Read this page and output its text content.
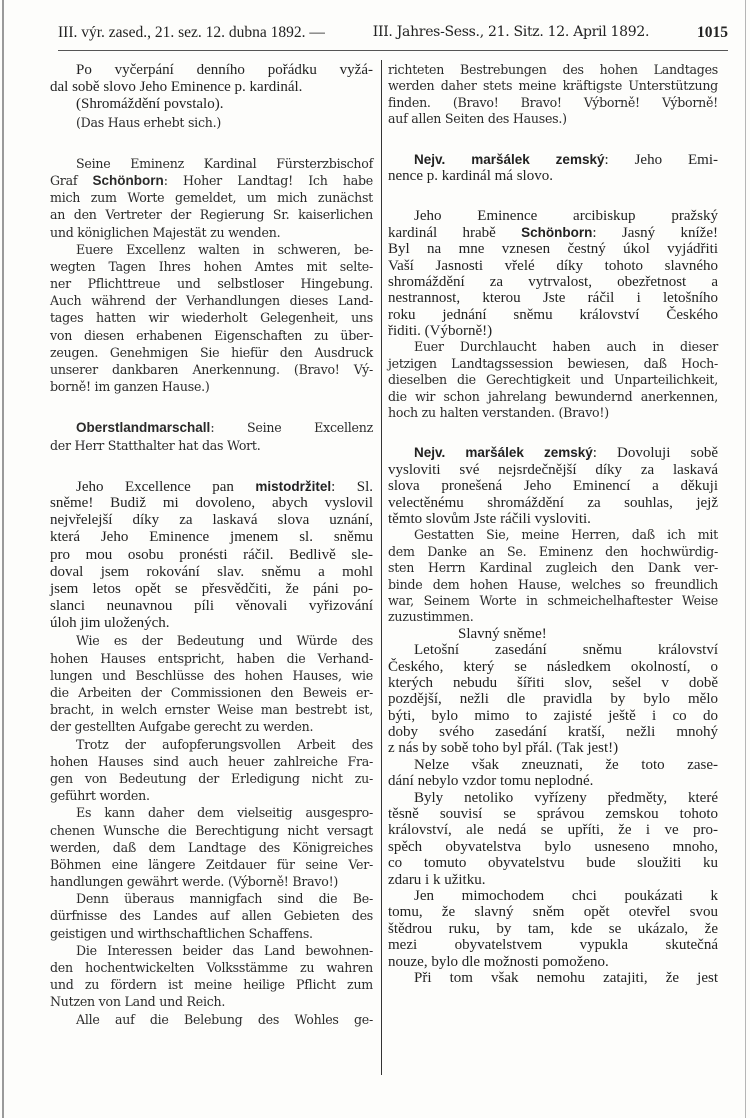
III. výr. zased., 21. sez. 12. dubna 1892. —	III. Jahres-Sess., 21. Sitz. 12. April 1892.	1015
Po vyčerpání denního pořádku vyžá-
dal sobě slovo Jeho Eminence p. kardinál.
(Shromáždění povstalo).
(Das Haus erhebt sich.)
Seine Eminenz Kardinal Fürsterzbischof
Graf Schönborn: Hoher Landtag! Ich habe
mich zum Worte gemeldet, um mich zunächst
an den Vertreter der Regierung Sr. kaiserlichen
und königlichen Majestät zu wenden.
Euere Excellenz walten in schweren, be-
wegten Tagen Ihres hohen Amtes mit selte-
ner Pflichttreue und selbstloser Hingebung.
Auch während der Verhandlungen dieses Land-
tages hatten wir wiederholt Gelegenheit, uns
von diesen erhabenen Eigenschaften zu über-
zeugen. Genehmigen Sie hiefür den Ausdruck
unserer dankbaren Anerkennung. (Bravo! Vý-
borně! im ganzen Hause.)
Oberstlandmarschall: Seine Excellenz
der Herr Statthalter hat das Wort.
Jeho Excellence pan mistodržitel: Sl.
sněme! Budiž mi dovoleno, abych vyslovil
nejvřelejší díky za laskavá slova uznání,
která Jeho Eminence jmenem sl. sněmu
pro mou osobu pronésti ráčil. Bedlivě sle-
doval jsem rokování slav. sněmu a mohl
jsem letos opět se přesvědčiti, že páni po-
slanci neunavnou píli věnovali vyřizování
úloh jim uložených.
Wie es der Bedeutung und Würde des
hohen Hauses entspricht, haben die Verhand-
lungen und Beschlüsse des hohen Hauses, wie
die Arbeiten der Commissionen den Beweis er-
bracht, in welch ernster Weise man bestrebt ist,
der gestellten Aufgabe gerecht zu werden.
Trotz der aufopferungsvollen Arbeit des
hohen Hauses sind auch heuer zahlreiche Fra-
gen von Bedeutung der Erledigung nicht zu-
geführt worden.
Es kann daher dem vielseitig ausgespro-
chenen Wunsche die Berechtigung nicht versagt
werden, daß dem Landtage des Königreiches
Böhmen eine längere Zeitdauer für seine Ver-
handlungen gewährt werde. (Výborně! Bravo!)
Denn überaus mannigfach sind die Be-
dürfnisse des Landes auf allen Gebieten des
geistigen und wirthschaftlichen Schaffens.
Die Interessen beider das Land bewohnen-
den hochentwickelten Volksstämme zu wahren
und zu fördern ist meine heilige Pflicht zum
Nutzen von Land und Reich.
Alle auf die Belebung des Wohles ge-
richteten Bestrebungen des hohen Landtages
werden daher stets meine kräftigste Unterstützung
finden. (Bravo! Bravo! Výborně! Výborně!
auf allen Seiten des Hauses.)
Nejv. maršálek zemský: Jeho Emi-
nence p. kardinál má slovo.
Jeho Eminence arcibiskup pražský
kardinál hrabě Schönborn: Jasný kníže!
Byl na mne vznesen čestný úkol vyjádřiti
Vaší Jasnosti vřelé díky tohoto slavného
shromáždění za vytrvalost, obezřetnost a
nestrannost, kterou Jste ráčil i letošního
roku jednání sněmu království Českého
řiditi. (Výborně!)
Euer Durchlaucht haben auch in dieser
jetzigen Landtagssession bewiesen, daß Hoch-
dieselben die Gerechtigkeit und Unparteilichkeit,
die wir schon jahrelang bewundernd anerkennen,
hoch zu halten verstanden. (Bravo!)
Nejv. maršálek zemský: Dovoluji sobě
vysloviti své nejsrdečnější díky za laskavá
slova pronešená Jeho Eminencí a děkuji
velectěnému shromáždění za souhlas, jejž
těmto slovům Jste ráčili vysloviti.
Gestatten Sie, meine Herren, daß ich mit
dem Danke an Se. Eminenz den hochwürdig-
sten Herrn Kardinal zugleich den Dank ver-
binde dem hohen Hause, welches so freundlich
war, Seinem Worte in schmeichelhaftester Weise
zuzustimmen.
Slavný sněme!
Letošní zasedání sněmu království
Českého, který se následkem okolností, o
kterých nebudu šířiti slov, sešel v době
pozdější, nežli dle pravidla by bylo mělo
býti, bylo mimo to zajisté ještě i co do
doby svého zasedání kratší, nežli mnohý
z nás by sobě toho byl přál. (Tak jest!)
Nelze však zneuznati, že toto zase-
dání nebylo vzdor tomu neplodné.
Byly netoliko vyřízeny předměty, které
těsně souvisí se správou zemskou tohoto
království, ale nedá se upříti, že i ve pro-
spěch obyvatelstva bylo usneseno mnoho,
co tomuto obyvatelstvu bude sloužiti ku
zdaru i k užitku.
Jen mimochodem chci poukázati k
tomu, že slavný sněm opět otevřel svou
štědrou ruku, by tam, kde se ukázalo, že
mezi obyvatelstvem vypukla skutečná
nouze, bylo dle možnosti pomoženo.
Při tom však nemohu zatajiti, že jest
